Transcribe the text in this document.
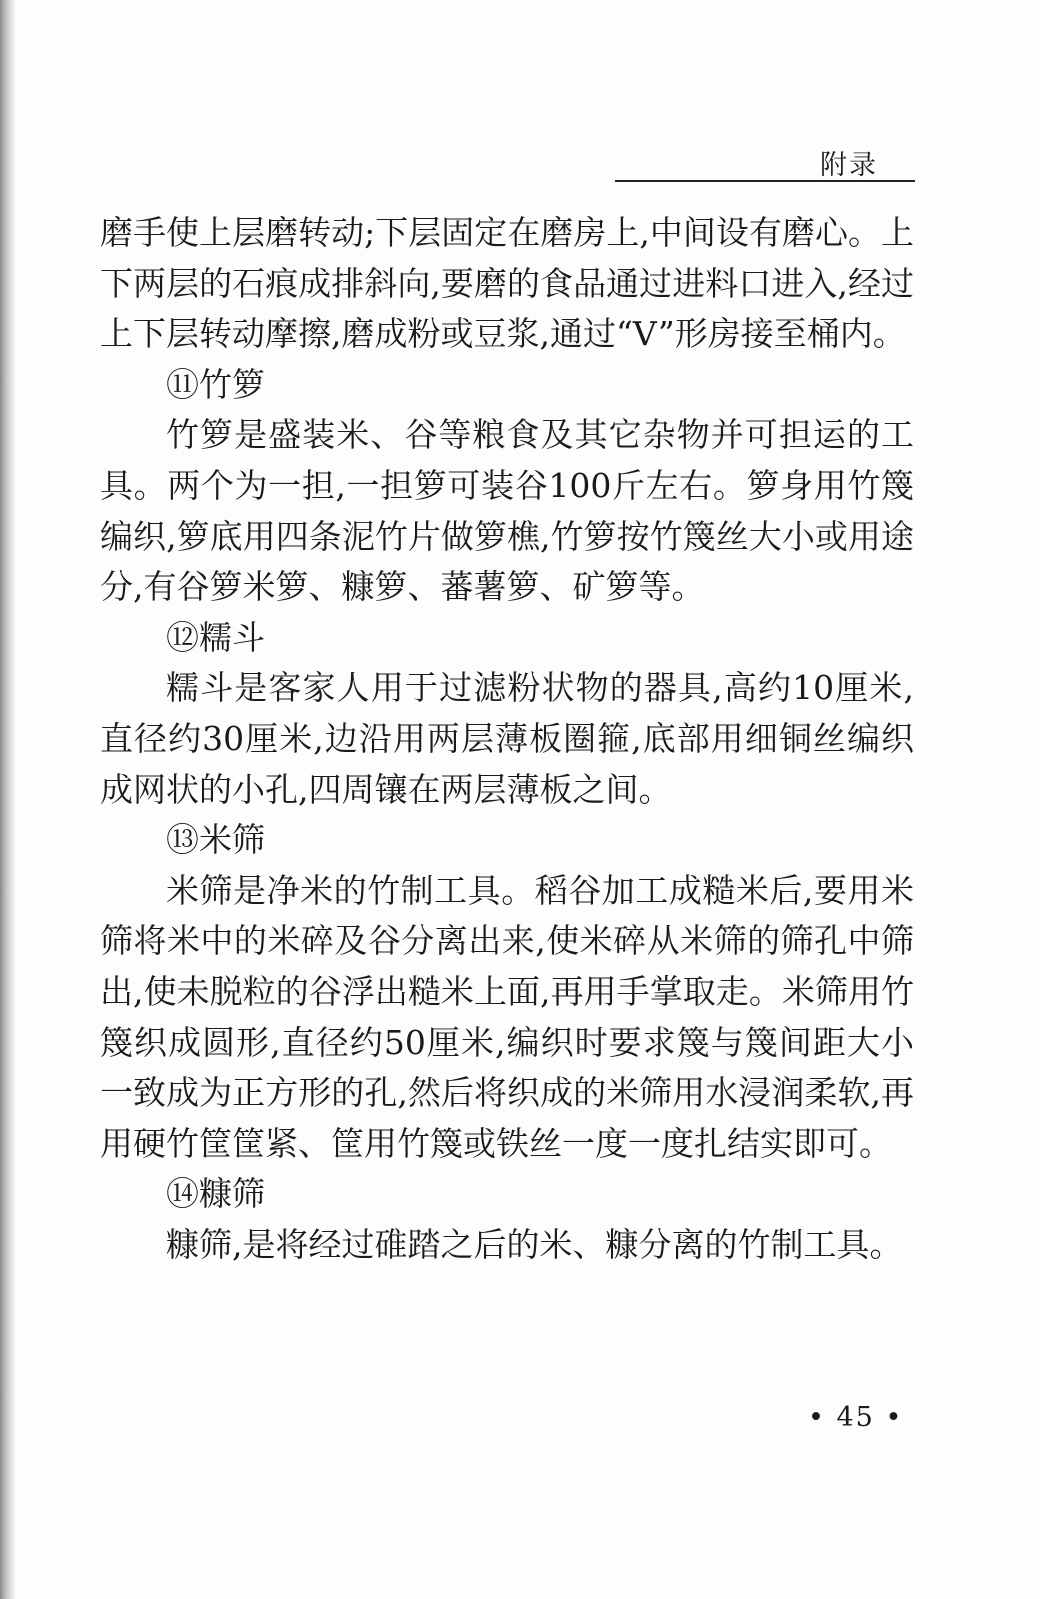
附录

磨手使上层磨转动;下层固定在磨房上,中间设有磨心。上下两层的石痕成排斜向,要磨的食品通过进料口进入,经过上下层转动摩擦,磨成粉或豆浆,通过“V”形房接至桶内。

⑪竹箩

竹箩是盛装米、谷等粮食及其它杂物并可担运的工具。两个为一担,一担箩可装谷100斤左右。箩身用竹篾编织,箩底用四条泥竹片做箩樵,竹箩按竹篾丝大小或用途分,有谷箩米箩、糠箩、蕃薯箩、矿箩等。

⑫糯斗

糯斗是客家人用于过滤粉状物的器具,高约10厘米,直径约30厘米,边沿用两层薄板圈箍,底部用细铜丝编织成网状的小孔,四周镶在两层薄板之间。

⑬米筛

米筛是净米的竹制工具。稻谷加工成糙米后,要用米筛将米中的米碎及谷分离出来,使米碎从米筛的筛孔中筛出,使未脱粒的谷浮出糙米上面,再用手掌取走。米筛用竹篾织成圆形,直径约50厘米,编织时要求篾与篾间距大小一致成为正方形的孔,然后将织成的米筛用水浸润柔软,再用硬竹筐筐紧、筐用竹篾或铁丝一度一度扎结实即可。

⑭糠筛

糠筛,是将经过碓踏之后的米、糠分离的竹制工具。

• 45 •
